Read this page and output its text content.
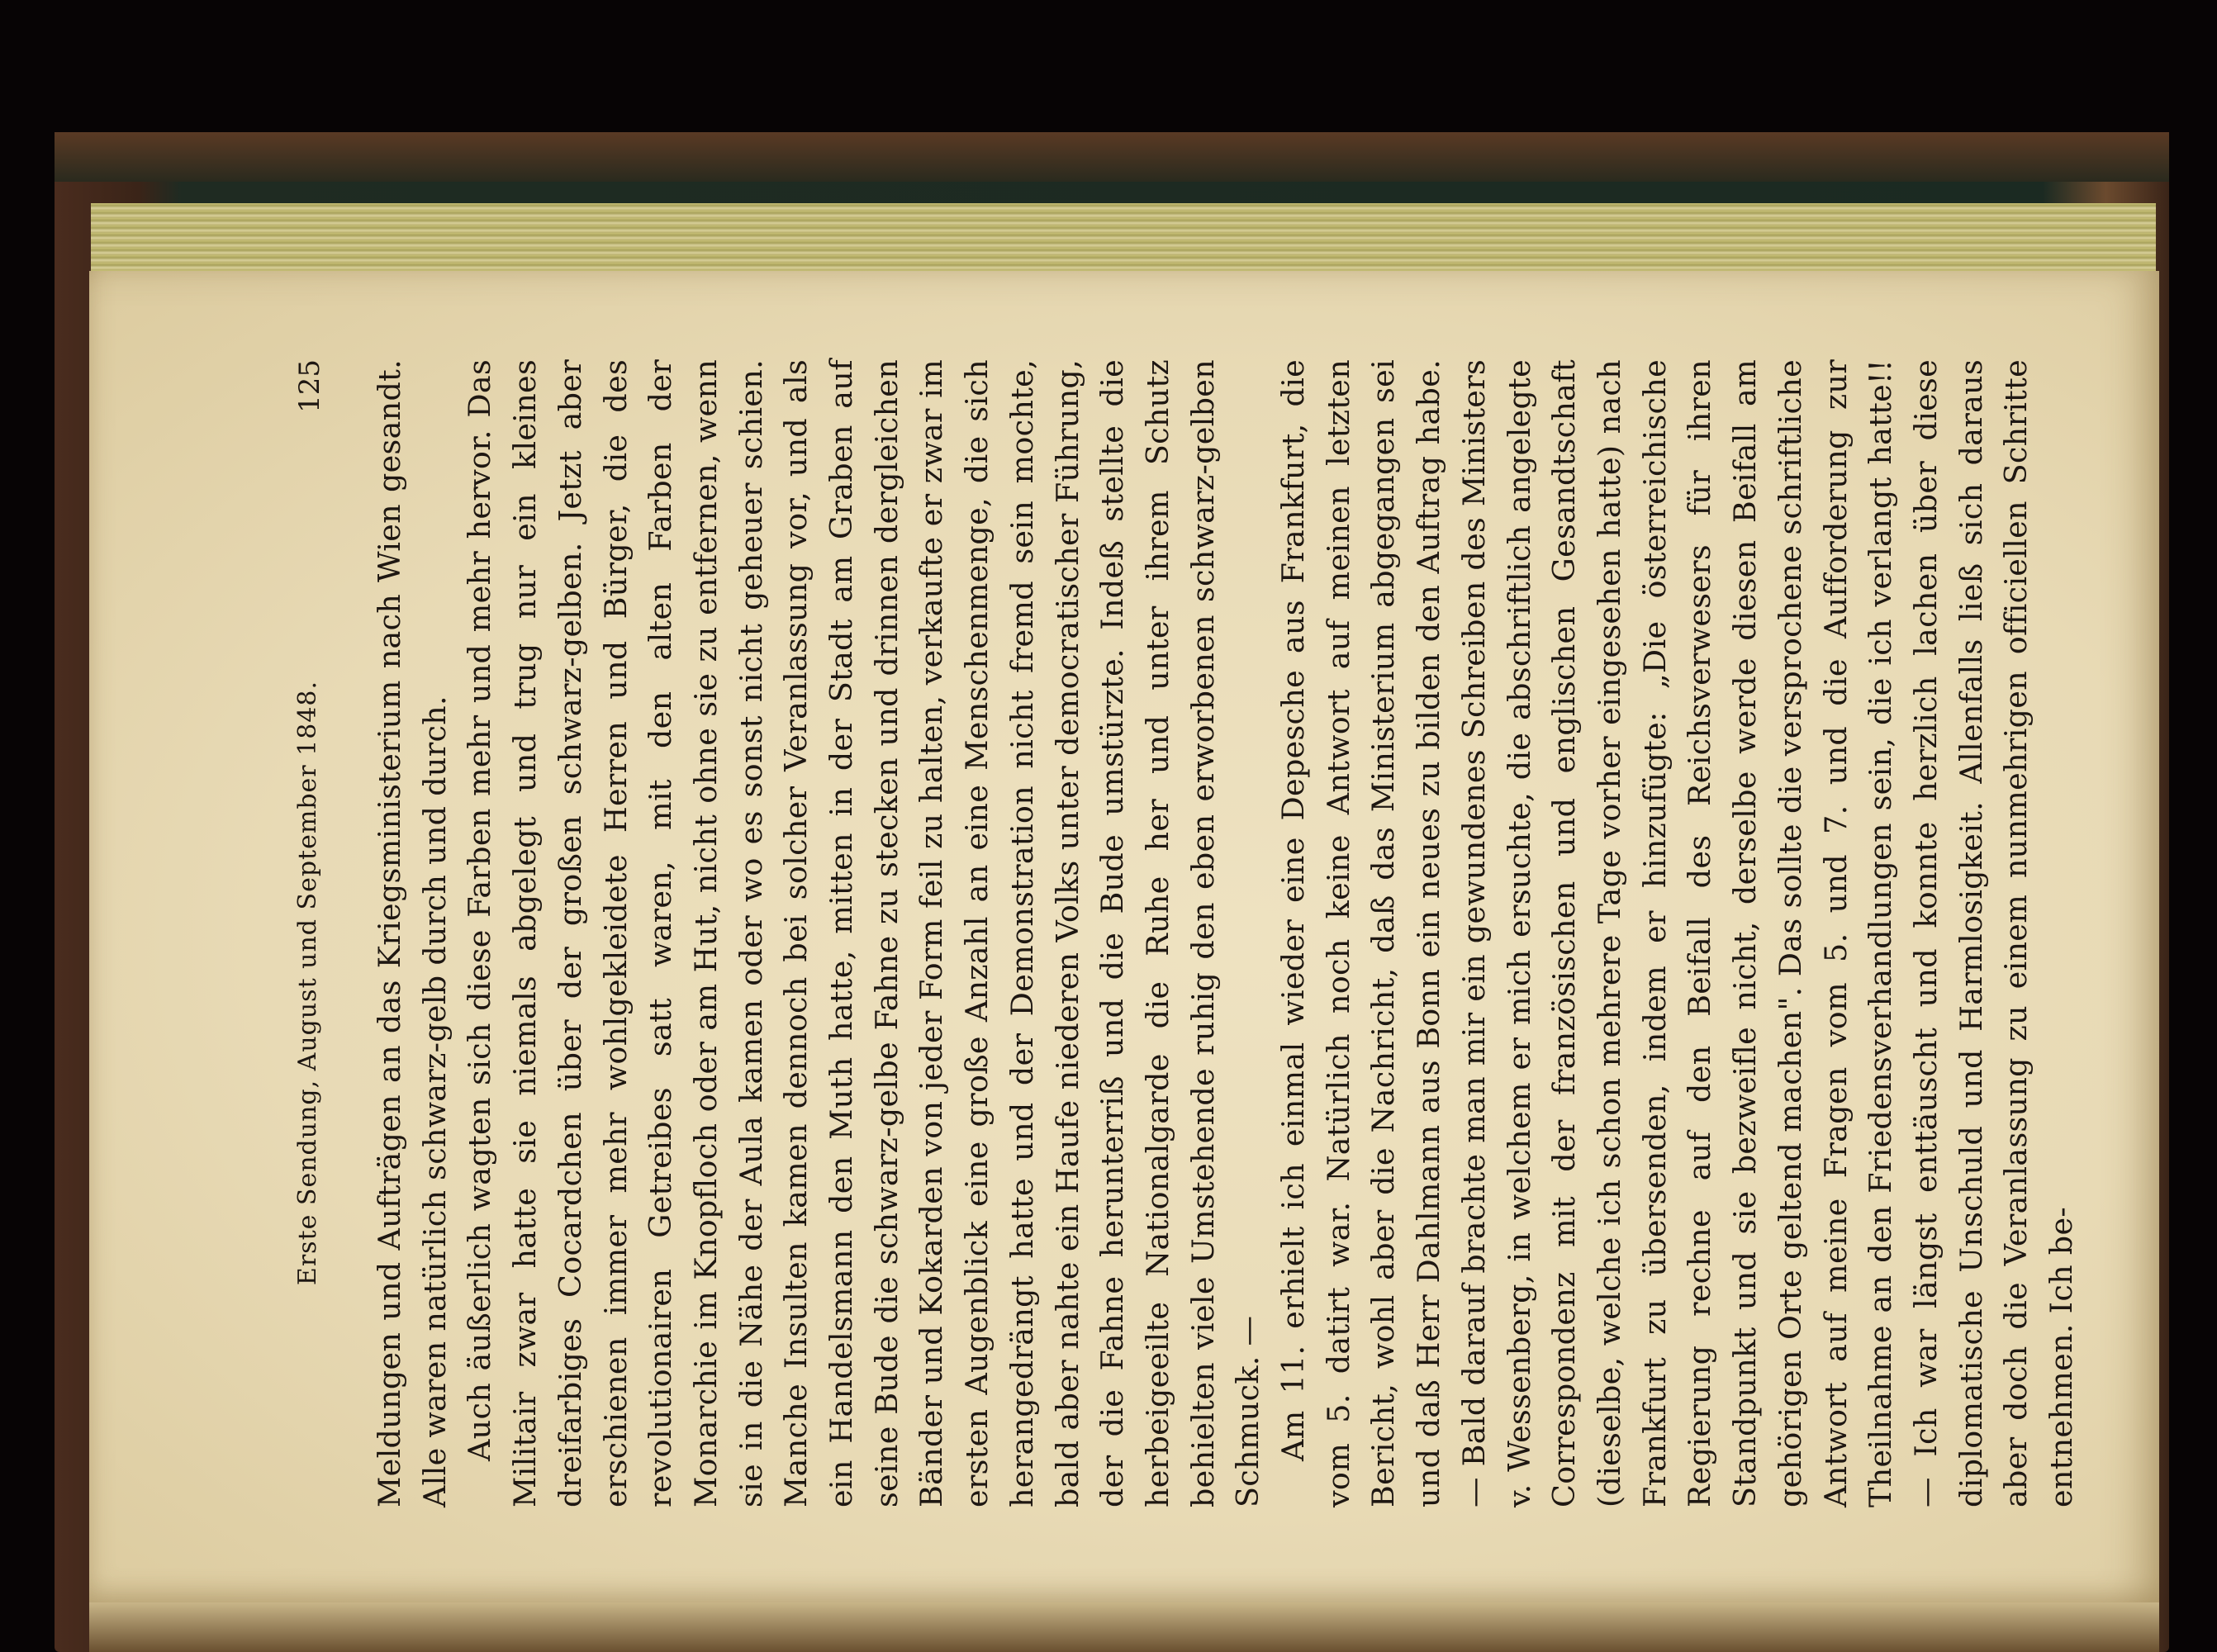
Erste Sendung, August und September 1848.
125 Meldungen und Aufträgen an das Kriegsministerium nach Wien gesandt. Alle waren natürlich schwarz-gelb durch und durch. Auch äußerlich wagten sich diese Farben mehr und mehr hervor. Das Militair zwar hatte sie niemals abgelegt und trug nur ein kleines dreifarbiges Cocardchen über der großen schwarz-gelben. Jetzt aber erschienen immer mehr wohlgekleidete Herren und Bürger, die des revolutionairen Getreibes satt waren, mit den alten Farben der Monarchie im Knopfloch oder am Hut, nicht ohne sie zu entfernen, wenn sie in die Nähe der Aula kamen oder wo es sonst nicht geheuer schien. Manche Insulten kamen dennoch bei solcher Veranlassung vor, und als ein Handelsmann den Muth hatte, mitten in der Stadt am Graben auf seine Bude die schwarz-gelbe Fahne zu stecken und drinnen dergleichen Bänder und Kokarden von jeder Form feil zu halten, verkaufte er zwar im ersten Augenblick eine große Anzahl an eine Menschenmenge, die sich herangedrängt hatte und der Demonstration nicht fremd sein mochte, bald aber nahte ein Haufe niederen Volks unter democratischer Führung, der die Fahne herunterriß und die Bude umstürzte. Indeß stellte die herbeigeeilte Nationalgarde die Ruhe her und unter ihrem Schutz behielten viele Umstehende ruhig den eben erworbenen schwarz-gelben Schmuck. — Am 11. erhielt ich einmal wieder eine Depesche aus Frankfurt, die vom 5. datirt war. Natürlich noch keine Antwort auf meinen letzten Bericht, wohl aber die Nachricht, daß das Ministerium abgegangen sei und daß Herr Dahlmann aus Bonn ein neues zu bilden den Auftrag habe. — Bald darauf brachte man mir ein gewundenes Schreiben des Ministers v. Wessenberg, in welchem er mich ersuchte, die abschriftlich angelegte Correspondenz mit der französischen und englischen Gesandtschaft (dieselbe, welche ich schon mehrere Tage vorher eingesehen hatte) nach Frankfurt zu übersenden, indem er hinzufügte: „Die österreichische Regierung rechne auf den Beifall des Reichsverwesers für ihren Standpunkt und sie bezweifle nicht, derselbe werde diesen Beifall am gehörigen Orte geltend machen". Das sollte die versprochene schriftliche Antwort auf meine Fragen vom 5. und 7. und die Aufforderung zur Theilnahme an den Friedensverhandlungen sein, die ich verlangt hatte!! — Ich war längst enttäuscht und konnte herzlich lachen über diese diplomatische Unschuld und Harmlosigkeit. Allenfalls ließ sich daraus aber doch die Veranlassung zu einem nunmehrigen officiellen Schritte entnehmen. Ich be-
